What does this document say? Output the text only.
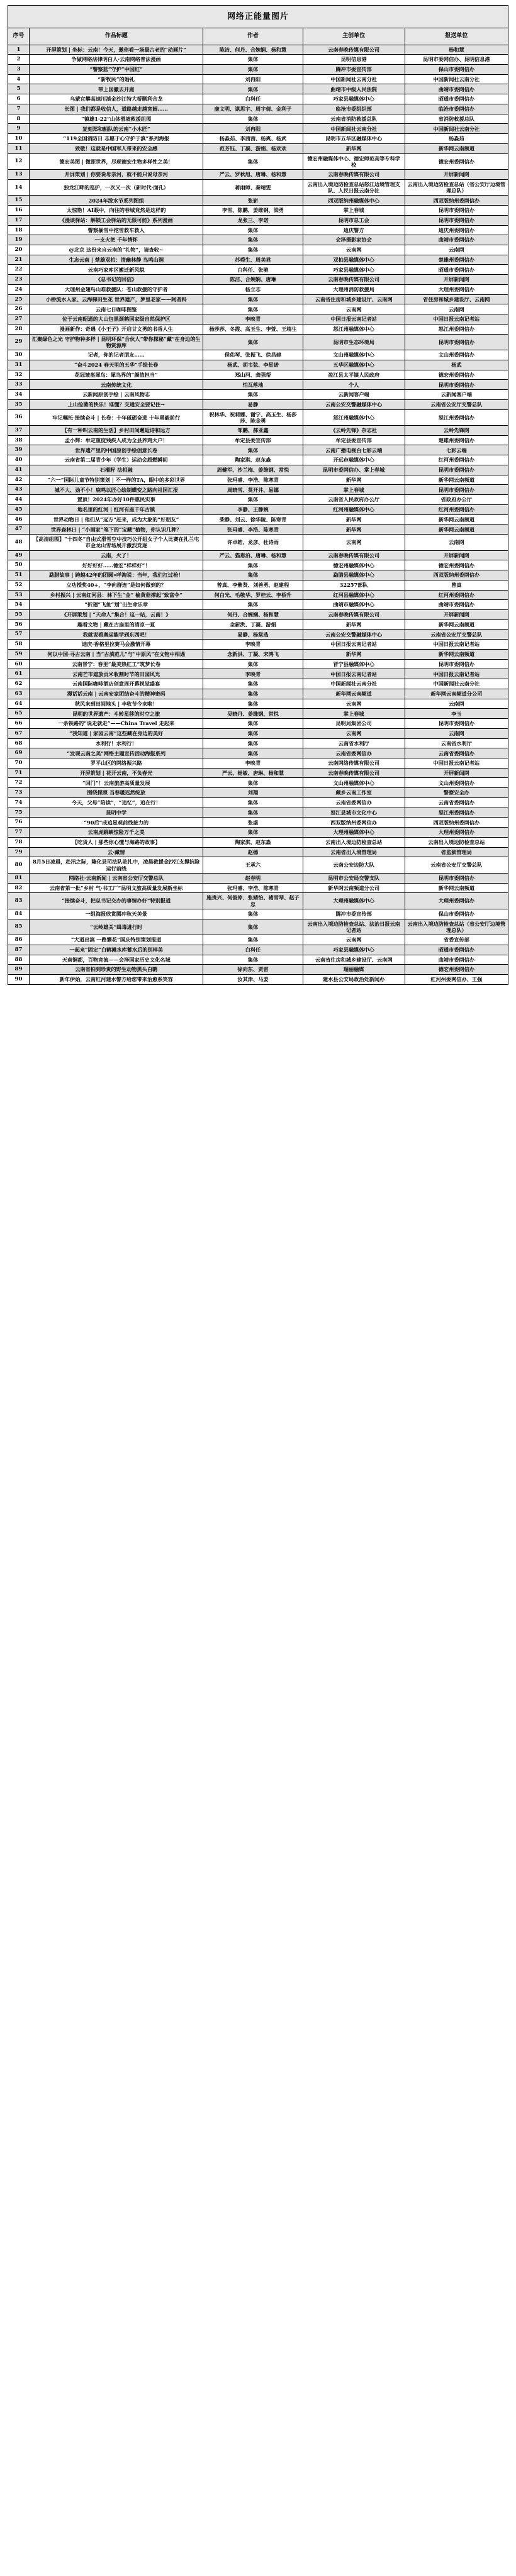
网络正能量图片				
序号	作品标题	作者	主创单位	报送单位
1	开屏策划 | 坐标：云南！今天，邀你看一场最古老的“动画片”	陈洁、何丹、合婉娴、杨和慧	云南春晚传媒有限公司	杨和慧
2	争做网络法律明白人·云南网络普法漫画	集体	昆明信息港	昆明市委网信办、昆明信息港
3	“警察蓝”守护“中国红”	集体	腾冲市委宣传部	保山市委网信办
4	“新牧民”的婚礼	刘冉阳	中国新闻社云南分社	中国新闻社云南分社
5	带上国徽去开庭	集体	曲靖市中级人民法院	曲靖市委网信办
6	乌蒙宜攀高速川滇金沙江特大桥顺利合龙	白科任	巧家县融媒体中心	昭通市委网信办
7	长图 | 我们都是收信人，道路越走越宽阔……	康文明、谌思宇、周宇倩、金利子	临沧市委组织部	临沧市委网信办
8	“镇雄1·22”山体滑坡救援组图	集体	云南省消防救援总队	省消防救援总队
9	复刻郑和船队的云南“小木匠”	刘冉阳	中国新闻社云南分社	中国新闻社云南分社
10	“119全国消防日 志愿于心守护于滇”系列海报	杨淼茹、李茜茜、杨爽、杨武	昆明市五华区融媒体中心	杨淼茹
11	致敬！这就是中国军人带来的安全感	范芳钰、丁凝、游娟、杨欢欢	新华网	新华网云南频道
12	德宏美图 | 微距世界，尽现德宏生物多样性之美！	集体	德宏州融媒体中心、德宏师范高等专科学校	德宏州委网信办
13	开屏策划 | 你要说母亲河，就不能只说母亲河	严云、罗秋旭、唐琳、杨和慧	云南春晚传媒有限公司	开屏新闻网
14	独龙江畔的巡护，一次又一次（新时代·面孔）	蒋雨师、秦靖雯	云南出入境边防检查总站怒江边境管理支队、人民日报云南分社	云南出入境边防检查总站（省公安厅边境管理总队）
15	2024年泼水节系列图组	张崭	西双版纳州融媒体中心	西双版纳州委网信办
16	太惊艳！AI眼中，向往的春城竟然是这样的	李雪、陈鹏、姜维钢、梁勇	掌上春城	昆明市委网信办
17	《漫谈驿站：解锁工会驿站的无限可能》系列漫画	龙张三、李诺	昆明市总工会	昆明市委网信办
18	警察暴雪中挖雪救车救人	集体	迪庆警方	迪庆州委网信办
19	一支火把 千年情怀	集体	会泽摄影家协会	曲靖市委网信办
20	@北京 这份来自云南的“礼物”，请查收~	集体	云南网	云南网
21	生态云南 | 楚雄双柏：清幽林静 鸟鸣山涧	苏舜生、周美君	双柏县融媒体中心	楚雄州委网信办
22	云南巧家库区搬迁新风貌	白科任、张驰	巧家县融媒体中心	昭通市委网信办
23	《总书记的回信》	陈洁、合婉娴、唐琳	云南春晚传媒有限公司	开屏新闻网
24	大理州金翅鸟山难救援队：苍山救援的守护者	杨立志	大理州消防救援局	大理州委网信办
25	小桥流水人家、云海梯田生花 世界遗产，梦里老家——阿者科	集体	云南省住房和城乡建设厅、云南网	省住房和城乡建设厅、云南网
26	云南七日咖啡图鉴	集体	云南网	云南网
27	位于云南昭通的大山包黑颈鹤国家级自然保护区	李映青	中国日报云南记者站	中国日报云南记者站
28	漫画新作：奇遇《小王子》开启甘文勇的书香人生	杨莎莎、冬霞、高玉生、李萱、王靖生	怒江州融媒体中心	怒江州委网信办
29	汇聚绿色之光 守护物种多样 | 昆明环保“合伙人”带你探秘“藏”在身边的生物资源库	集体	昆明市生态环境局	昆明市委网信办
30	记者，你的记者朋友……	侯佑琴、张振飞、徐昌建	文山州融媒体中心	文山州委网信办
31	“奋斗2024 春天里的五华”手绘长卷	杨武、胡韦弦、李星诺	五华区融媒体中心	杨武
32	花冠皱盔犀鸟：犀鸟界的“颜值担当”	郑山河、龚强帮	盈江县太平镇人民政府	德宏州委网信办
33	云南传统文化	怕瓦落地	个人	昆明市委网信办
34	云新闻原创手绘 | 云南风物志	集体	云新闻客户端	云新闻客户端
35	上山捡菌的快乐！谁懂？交通安全要记住→	易静	云南公安交警融媒体中心	云南省公安厅交警总队
36	牢记嘱托·接续奋斗 | 长卷：十年砥砺奋进 十年勇毅前行	祝林华、祝莉娜、谢宁、高玉生、杨莎莎、陈金勇	怒江州融媒体中心	怒江州委网信办
37	【有一种叫云南的生活】乡村田间邂逅诗和远方	邹鹏、郝亚鑫	《云岭先锋》杂志社	云岭先锋网
38	孟小辉：牟定重度残疾人成为全县养鸡大户！	牟定县委宣传部	牟定县委宣传部	楚雄州委网信办
39	世界遗产里的中国原创手绘创意长卷	集体	云南广播电视台七彩云端	七彩云端
40	云南省第二届青少年（学生）运动会超燃瞬间	陶家淇、赵东淼	开远市融媒体中心	红河州委网信办
41	石榴籽 法相融	周健军、沙兰梅、姜维钢、常悦	昆明市委网信办、掌上春城	昆明市委网信办
42	“六一”国际儿童节特别策划 | 不一样的TA，眼中的多彩世界	张玛睿、李浩、陈寒青	新华网	新华网云南频道
43	城不大、劲不小！鹿鸣以匠心绘制蝶变之路向祖国汇报	周晓雪、莫开井、易娜	掌上春城	昆明市委网信办
44	置顶！2024年办好10件惠民实事	集体	云南省人民政府办公厅	省政府办公厅
45	地名里的红河 | 红河有座千年古镇	李静、王静婉	红河州融媒体中心	红河州委网信办
46	世界动物日 | 他们从“远方”赶来，成为大象的“好朋友”	柴静、刘云、徐华陵、陈寒青	新华网	新华网云南频道
47	世界森林日 | “小画家”笔下的“宝藏”植物，你认识几种？	张玛睿、李浩、陈寒青	新华网	新华网云南频道
48	【高清组图】“十四冬”自由式滑雪空中技巧公开组女子个人比赛在扎兰屯市金龙山雪场展开激烈竞逐	许卓皓、龙彦、杜诗雨	云南网	云南网
49	云南，火了！	严云、猫恩泊、唐琳、杨和慧	云南春晚传媒有限公司	开屏新闻网
50	好好好好……德宏“样样好”！	集体	德宏州融媒体中心	德宏州委网信办
51	勐腊故事 | 跨越42年的团圆»咩淘说：当年，我们扛过枪！	集体	勐腊县融媒体中心	西双版纳州委网信办
52	立功授奖40+，“李向群连”是如何做到的？	曾真、李紫贤、刘善勇、赵建程	32257部队	曾真
53	乡村振兴 | 云南红河县：林下生“金” 榆黄菇撑起“致富伞”	何白光、毛敬华、罗桂云、李桥升	红河县融媒体中心	红河州委网信办
54	“折翅”飞鱼“划”出生命乐章	集体	曲靖市融媒体中心	曲靖市委网信办
55	《开屏策划 | “天命人”集合！这一站，云南！》	何丹、合婉娴、杨和慧	云南春晚传媒有限公司	开屏新闻网
56	趣看文物 | 藏在古扇里的清凉一夏	念新洪、丁凝、游娟	新华网	新华网云南频道
57	我就说看奥运能学到东西吧！	易静、杨棠选	云南公安交警融媒体中心	云南省公安厅交警总队
58	迪庆·香格里拉赛马会激情开幕	李映青	中国日报云南记者站	中国日报云南记者站
59	何以中国·寻古云南 | 当“古滇范儿”与“中原风”在文物中相遇	念新洪、丁凝、宋鸿飞	新华网	新华网云南频道
60	云南晋宁：春里“最美热红工”筑梦长卷	集体	晋宁县融媒体中心	昆明市委网信办
61	云南芒市遮放贡米收割时节的田园风光	李映青	中国日报云南记者站	中国日报云南记者站
62	云南国际咖啡酒店创意周开幕视觉盛宴	集体	中国新闻社云南分社	中国新闻社云南分社
63	漫话话云南 | 云南安家团结奋斗的精神密码	集体	新华网云南频道	新华网云南频道分公司
64	秋风来到田间地头 | 丰收节今来啦！	集体	云南网	云南网
65	昆明的世界遗产：斗转星移的时空之旅	吴晓丹、姜维钢、常悦	掌上春城	李玉
66	一条铁路的“说走就走”——China Travel 走起来	集体	昆明局集团公司	昆明市委网信办
67	“我知道 | 家园云南”这些藏在身边的美好	集体	云南网	云南网
68	水利行！水利行！	集体	云南省水利厅	云南省水利厅
69	“发现云南之美”网络主题宣传活动海报系列	集体	云南省委网信办	云南省委网信办
70	罗平山区的网络振兴路	李映青	云南网络传媒有限公司	中国日报云南记者站
71	开屏策划 | 花开云南，不负春光	严云、杨敏、唐琳、杨和慧	云南春晚传媒有限公司	开屏新闻网
72	“回门”！云南旅游高质量发展	集体	文山州融媒体中心	文山州委网信办
73	围绕探照 当春暖迟然绽放	刘翔	藏乡云南工作室	警察安全办
74	今天，父母“陪读”，“追忆”，追在行！	集体	云南省委网信办	云南省委网信办
75	昆明中学	集体	怒江县城市文化中心	怒江州委网信办
76	“90后”成追星观前线接力的	张盛	西双版纳州委网信办	西双版纳州委网信办
77	云南虎跳峡惊险万千之美	集体	大理州融媒体中心	大理州委网信办
78	【吃货人 | 那些你心懂与海路的故事】	陶家淇、赵东淼	云南出入境边防检查总站	云南出入境边防检查总站
79	云·藏情	赵德	云南省出入境管理局	省监狱管理局
80	8月5日凌晨，赴汛之际，隆化县司法队驻扎中，凌晨救援金沙江支撑抗险运行前线	王承六	云南公安边防大队	云南省公安厅交警总队
81	网络社·云南新闻 | 云南省公安厅交警总队	赵春明	昆明市公安局交警支队	昆明市委网信办
82	云南省第一批“乡村 气·书工厂”昆明文旅高质量发展新坐标	张玛睿、李浩、陈寒青	新华网云南频道分公司	新华网云南频道
83	“接续奋斗，把总书记交办的事情办好”特别报道	施贵兴、何俊倬、张婧怡、褚雪琴、赵子忠	大理州融媒体中心	大理州委网信办
84	一组海报欣赏腾冲秋天美景	集体	腾冲市委宣传部	保山市委网信办
85	“云岭雄关”缉毒进行时	集体	云南出入境边防检查总站、法治日报云南记者站	云南出入境边防检查总站（省公安厅边境管理总队）
86	“大道出滇 一路繁花”国庆特别策划报道	集体	云南网	省委宣传部
87	一起来“固定”白鹤滩水库蓄水后的别样美	白科任	巧家县融媒体中心	昭通市委网信办
88	天南铜都，百物竞流——会泽国家历史文化名城	集体	云南省住房和城乡建设厅、云南网	曲靖市委网信办
89	云南省拍到珍贵的野生动物黑头白鹮	徐向东、贾雷	瑞丽融媒	德宏州委网信办
90	新年伊始，云南红河建水警方给您带来治愈系笑容	汝其津、马姜	建水县公安局政治处新闻办	红河州委网信办、王强
